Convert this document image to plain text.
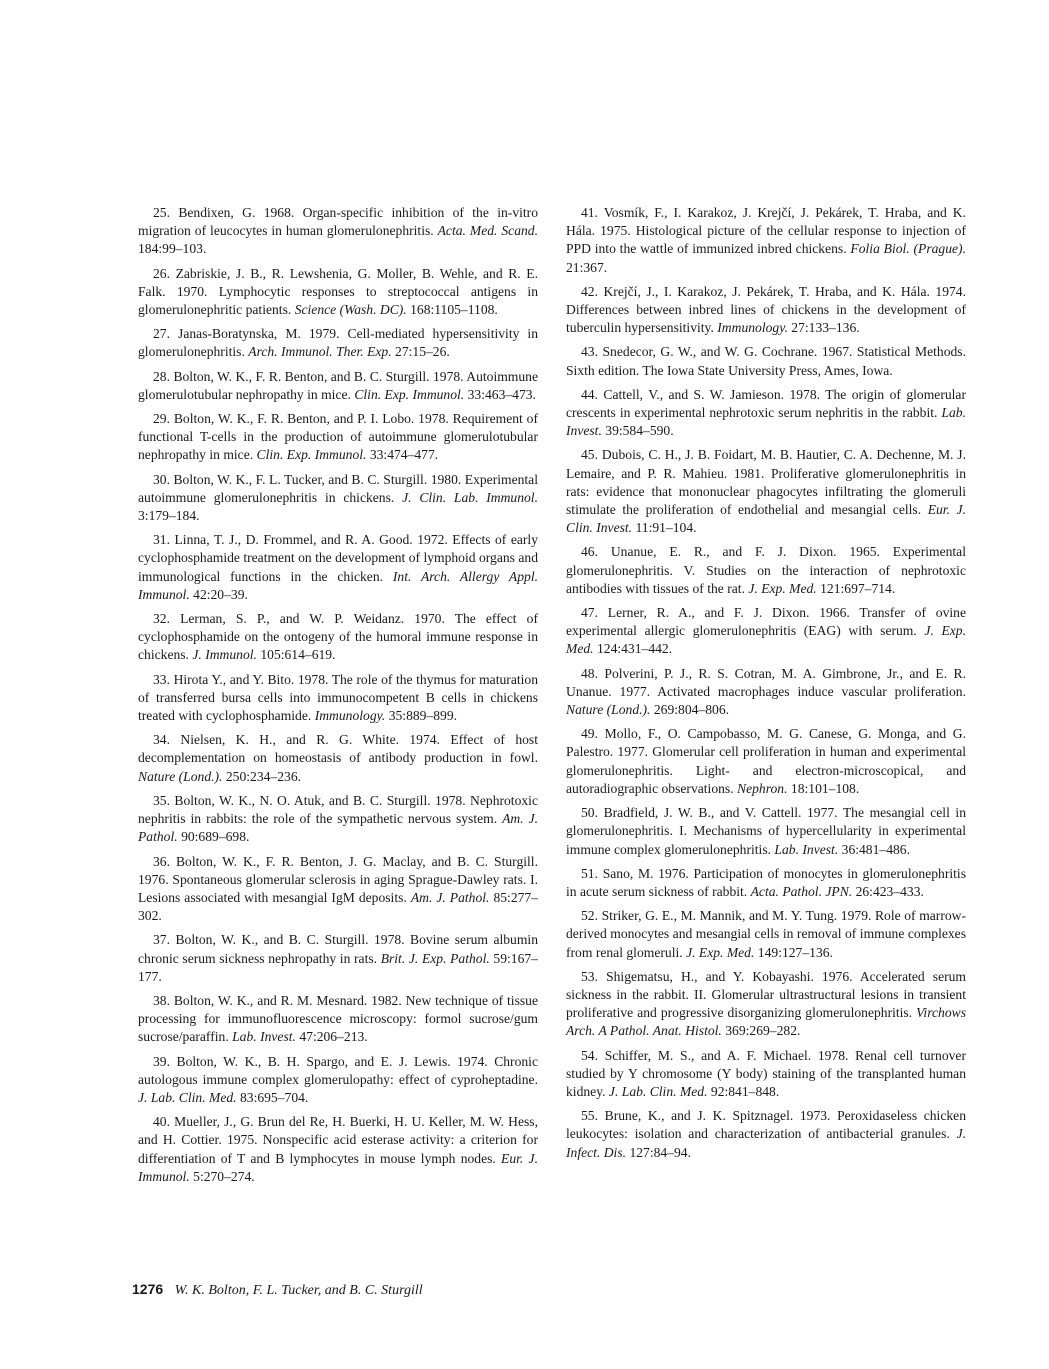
25. Bendixen, G. 1968. Organ-specific inhibition of the in-vitro migration of leucocytes in human glomerulonephritis. Acta. Med. Scand. 184:99–103.

26. Zabriskie, J. B., R. Lewshenia, G. Moller, B. Wehle, and R. E. Falk. 1970. Lymphocytic responses to streptococcal antigens in glomerulonephritic patients. Science (Wash. DC). 168:1105–1108.

27. Janas-Boratynska, M. 1979. Cell-mediated hypersensitivity in glomerulonephritis. Arch. Immunol. Ther. Exp. 27:15–26.

28. Bolton, W. K., F. R. Benton, and B. C. Sturgill. 1978. Autoimmune glomerulotubular nephropathy in mice. Clin. Exp. Immunol. 33:463–473.

29. Bolton, W. K., F. R. Benton, and P. I. Lobo. 1978. Requirement of functional T-cells in the production of autoimmune glomerulotubular nephropathy in mice. Clin. Exp. Immunol. 33:474–477.

30. Bolton, W. K., F. L. Tucker, and B. C. Sturgill. 1980. Experimental autoimmune glomerulonephritis in chickens. J. Clin. Lab. Immunol. 3:179–184.

31. Linna, T. J., D. Frommel, and R. A. Good. 1972. Effects of early cyclophosphamide treatment on the development of lymphoid organs and immunological functions in the chicken. Int. Arch. Allergy Appl. Immunol. 42:20–39.

32. Lerman, S. P., and W. P. Weidanz. 1970. The effect of cyclophosphamide on the ontogeny of the humoral immune response in chickens. J. Immunol. 105:614–619.

33. Hirota Y., and Y. Bito. 1978. The role of the thymus for maturation of transferred bursa cells into immunocompetent B cells in chickens treated with cyclophosphamide. Immunology. 35:889–899.

34. Nielsen, K. H., and R. G. White. 1974. Effect of host decomplementation on homeostasis of antibody production in fowl. Nature (Lond.). 250:234–236.

35. Bolton, W. K., N. O. Atuk, and B. C. Sturgill. 1978. Nephrotoxic nephritis in rabbits: the role of the sympathetic nervous system. Am. J. Pathol. 90:689–698.

36. Bolton, W. K., F. R. Benton, J. G. Maclay, and B. C. Sturgill. 1976. Spontaneous glomerular sclerosis in aging Sprague-Dawley rats. I. Lesions associated with mesangial IgM deposits. Am. J. Pathol. 85:277–302.

37. Bolton, W. K., and B. C. Sturgill. 1978. Bovine serum albumin chronic serum sickness nephropathy in rats. Brit. J. Exp. Pathol. 59:167–177.

38. Bolton, W. K., and R. M. Mesnard. 1982. New technique of tissue processing for immunofluorescence microscopy: formol sucrose/gum sucrose/paraffin. Lab. Invest. 47:206–213.

39. Bolton, W. K., B. H. Spargo, and E. J. Lewis. 1974. Chronic autologous immune complex glomerulopathy: effect of cyproheptadine. J. Lab. Clin. Med. 83:695–704.

40. Mueller, J., G. Brun del Re, H. Buerki, H. U. Keller, M. W. Hess, and H. Cottier. 1975. Nonspecific acid esterase activity: a criterion for differentiation of T and B lymphocytes in mouse lymph nodes. Eur. J. Immunol. 5:270–274.

41. Vosmík, F., I. Karakoz, J. Krejčí, J. Pekárek, T. Hraba, and K. Hála. 1975. Histological picture of the cellular response to injection of PPD into the wattle of immunized inbred chickens. Folia Biol. (Prague). 21:367.

42. Krejčí, J., I. Karakoz, J. Pekárek, T. Hraba, and K. Hála. 1974. Differences between inbred lines of chickens in the development of tuberculin hypersensitivity. Immunology. 27:133–136.

43. Snedecor, G. W., and W. G. Cochrane. 1967. Statistical Methods. Sixth edition. The Iowa State University Press, Ames, Iowa.

44. Cattell, V., and S. W. Jamieson. 1978. The origin of glomerular crescents in experimental nephrotoxic serum nephritis in the rabbit. Lab. Invest. 39:584–590.

45. Dubois, C. H., J. B. Foidart, M. B. Hautier, C. A. Dechenne, M. J. Lemaire, and P. R. Mahieu. 1981. Proliferative glomerulonephritis in rats: evidence that mononuclear phagocytes infiltrating the glomeruli stimulate the proliferation of endothelial and mesangial cells. Eur. J. Clin. Invest. 11:91–104.

46. Unanue, E. R., and F. J. Dixon. 1965. Experimental glomerulonephritis. V. Studies on the interaction of nephrotoxic antibodies with tissues of the rat. J. Exp. Med. 121:697–714.

47. Lerner, R. A., and F. J. Dixon. 1966. Transfer of ovine experimental allergic glomerulonephritis (EAG) with serum. J. Exp. Med. 124:431–442.

48. Polverini, P. J., R. S. Cotran, M. A. Gimbrone, Jr., and E. R. Unanue. 1977. Activated macrophages induce vascular proliferation. Nature (Lond.). 269:804–806.

49. Mollo, F., O. Campobasso, M. G. Canese, G. Monga, and G. Palestro. 1977. Glomerular cell proliferation in human and experimental glomerulonephritis. Light- and electron-microscopical, and autoradiographic observations. Nephron. 18:101–108.

50. Bradfield, J. W. B., and V. Cattell. 1977. The mesangial cell in glomerulonephritis. I. Mechanisms of hypercellularity in experimental immune complex glomerulonephritis. Lab. Invest. 36:481–486.

51. Sano, M. 1976. Participation of monocytes in glomerulonephritis in acute serum sickness of rabbit. Acta. Pathol. JPN. 26:423–433.

52. Striker, G. E., M. Mannik, and M. Y. Tung. 1979. Role of marrow-derived monocytes and mesangial cells in removal of immune complexes from renal glomeruli. J. Exp. Med. 149:127–136.

53. Shigematsu, H., and Y. Kobayashi. 1976. Accelerated serum sickness in the rabbit. II. Glomerular ultrastructural lesions in transient proliferative and progressive disorganizing glomerulonephritis. Virchows Arch. A Pathol. Anat. Histol. 369:269–282.

54. Schiffer, M. S., and A. F. Michael. 1978. Renal cell turnover studied by Y chromosome (Y body) staining of the transplanted human kidney. J. Lab. Clin. Med. 92:841–848.

55. Brune, K., and J. K. Spitznagel. 1973. Peroxidaseless chicken leukocytes: isolation and characterization of antibacterial granules. J. Infect. Dis. 127:84–94.

1276 W. K. Bolton, F. L. Tucker, and B. C. Sturgill
